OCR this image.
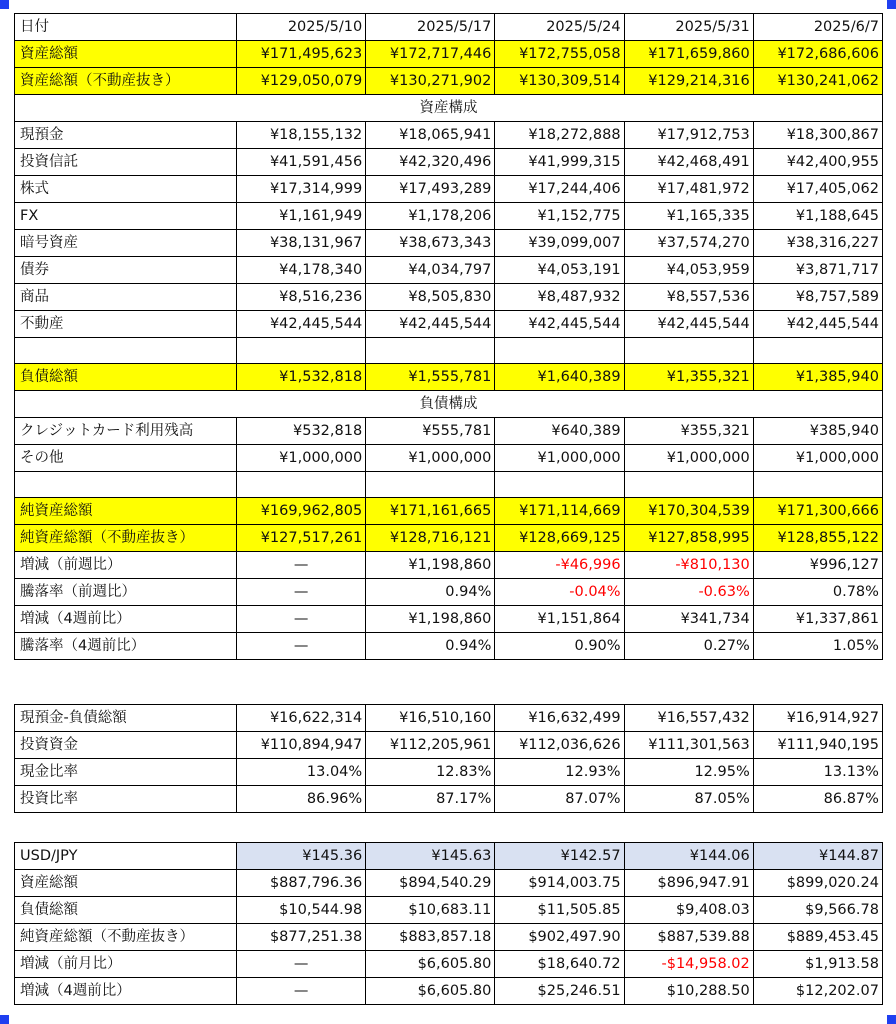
日付	2025/5/10	2025/5/17	2025/5/24	2025/5/31	2025/6/7
資産総額	¥171,495,623	¥172,717,446	¥172,755,058	¥171,659,860	¥172,686,606
資産総額（不動産抜き）	¥129,050,079	¥130,271,902	¥130,309,514	¥129,214,316	¥130,241,062
資産構成					
現預金	¥18,155,132	¥18,065,941	¥18,272,888	¥17,912,753	¥18,300,867
投資信託	¥41,591,456	¥42,320,496	¥41,999,315	¥42,468,491	¥42,400,955
株式	¥17,314,999	¥17,493,289	¥17,244,406	¥17,481,972	¥17,405,062
FX	¥1,161,949	¥1,178,206	¥1,152,775	¥1,165,335	¥1,188,645
暗号資産	¥38,131,967	¥38,673,343	¥39,099,007	¥37,574,270	¥38,316,227
債券	¥4,178,340	¥4,034,797	¥4,053,191	¥4,053,959	¥3,871,717
商品	¥8,516,236	¥8,505,830	¥8,487,932	¥8,557,536	¥8,757,589
不動産	¥42,445,544	¥42,445,544	¥42,445,544	¥42,445,544	¥42,445,544

負債総額	¥1,532,818	¥1,555,781	¥1,640,389	¥1,355,321	¥1,385,940
負債構成					
クレジットカード利用残高	¥532,818	¥555,781	¥640,389	¥355,321	¥385,940
その他	¥1,000,000	¥1,000,000	¥1,000,000	¥1,000,000	¥1,000,000

純資産総額	¥169,962,805	¥171,161,665	¥171,114,669	¥170,304,539	¥171,300,666
純資産総額（不動産抜き）	¥127,517,261	¥128,716,121	¥128,669,125	¥127,858,995	¥128,855,122
増減（前週比）	—	¥1,198,860	-¥46,996	-¥810,130	¥996,127
騰落率（前週比）	—	0.94%	-0.04%	-0.63%	0.78%
増減（4週前比）	—	¥1,198,860	¥1,151,864	¥341,734	¥1,337,861
騰落率（4週前比）	—	0.94%	0.90%	0.27%	1.05%
現預金-負債総額	¥16,622,314	¥16,510,160	¥16,632,499	¥16,557,432	¥16,914,927
投資資金	¥110,894,947	¥112,205,961	¥112,036,626	¥111,301,563	¥111,940,195
現金比率	13.04%	12.83%	12.93%	12.95%	13.13%
投資比率	86.96%	87.17%	87.07%	87.05%	86.87%
USD/JPY	¥145.36	¥145.63	¥142.57	¥144.06	¥144.87
資産総額	$887,796.36	$894,540.29	$914,003.75	$896,947.91	$899,020.24
負債総額	$10,544.98	$10,683.11	$11,505.85	$9,408.03	$9,566.78
純資産総額（不動産抜き）	$877,251.38	$883,857.18	$902,497.90	$887,539.88	$889,453.45
増減（前月比）	—	$6,605.80	$18,640.72	-$14,958.02	$1,913.58
増減（4週前比）	—	$6,605.80	$25,246.51	$10,288.50	$12,202.07
